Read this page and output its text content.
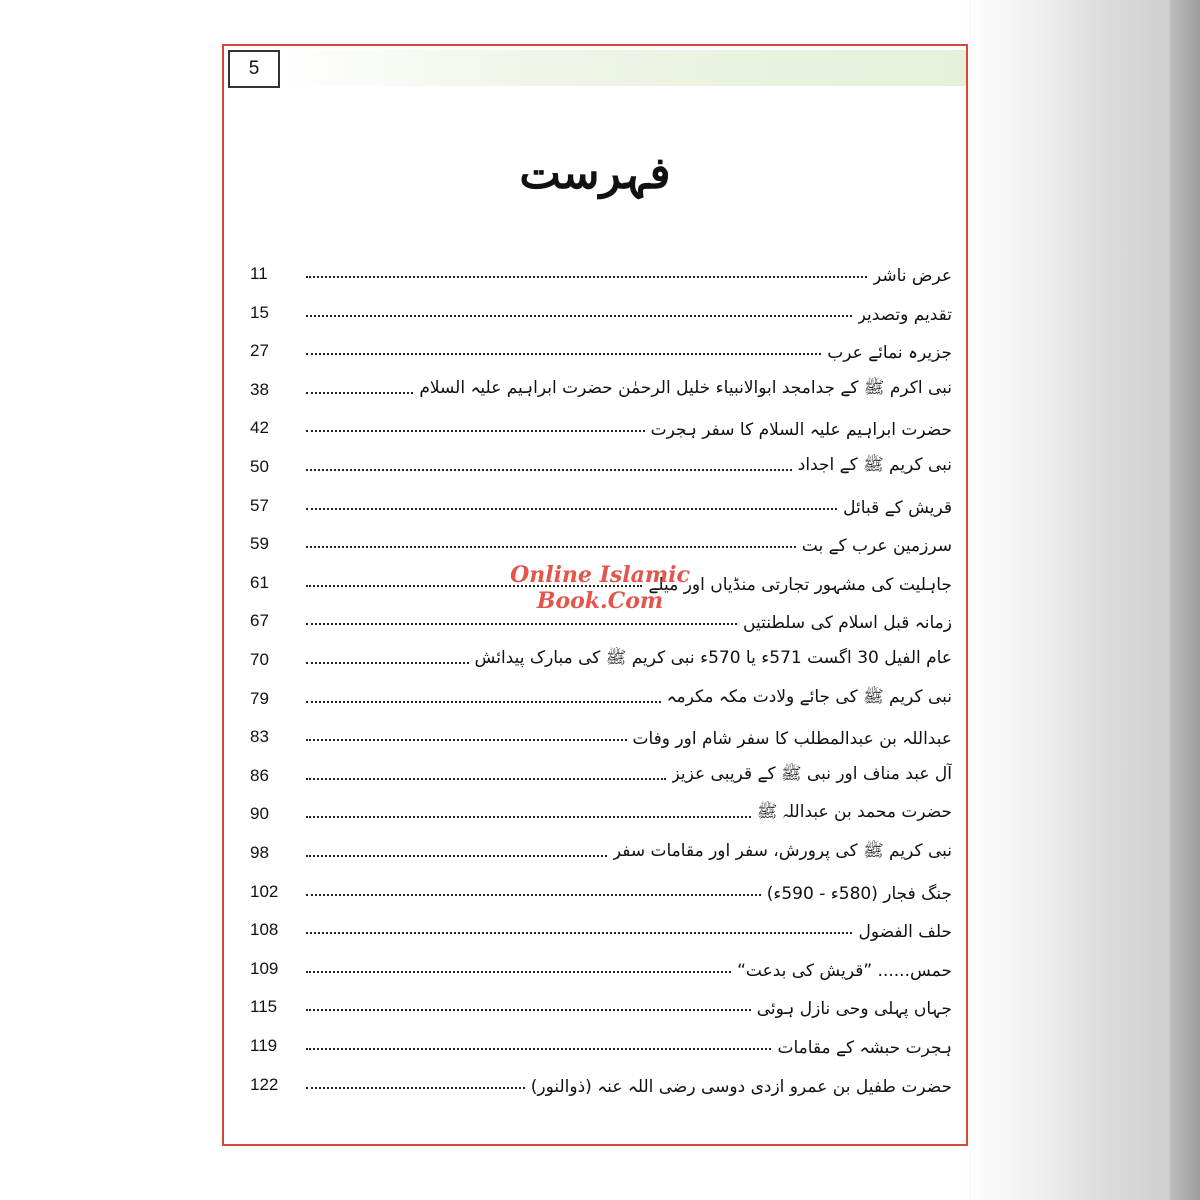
5
فہرست
11	عرض ناشر
15	تقدیم وتصدیر
27	جزیرہ نمائے عرب
38	نبی اکرم ﷺ کے جدامجد ابوالانبیاء خلیل الرحمٰن حضرت ابراہیم علیہ السلام
42	حضرت ابراہیم علیہ السلام کا سفر ہجرت
50	نبی کریم ﷺ کے اجداد
57	قریش کے قبائل
59	سرزمین عرب کے بت
61	جاہلیت کی مشہور تجارتی منڈیاں اور میلے
67	زمانہ قبل اسلام کی سلطنتیں
70	عام الفیل 30 اگست 571ء یا 570ء نبی کریم ﷺ کی مبارک پیدائش
79	نبی کریم ﷺ کی جائے ولادت مکہ مکرمہ
83	عبداللہ بن عبدالمطلب کا سفر شام اور وفات
86	آل عبد مناف اور نبی ﷺ کے قریبی عزیز
90	حضرت محمد بن عبداللہ ﷺ
98	نبی کریم ﷺ کی پرورش، سفر اور مقامات سفر
102	جنگ فجار (580ء - 590ء)
108	حلف الفضول
109	حمس...... ”قریش کی بدعت“
115	جہاں پہلی وحی نازل ہوئی
119	ہجرت حبشہ کے مقامات
122	حضرت طفیل بن عمرو ازدی دوسی رضی اللہ عنہ (ذوالنور)
Online Islamic
Book.Com
